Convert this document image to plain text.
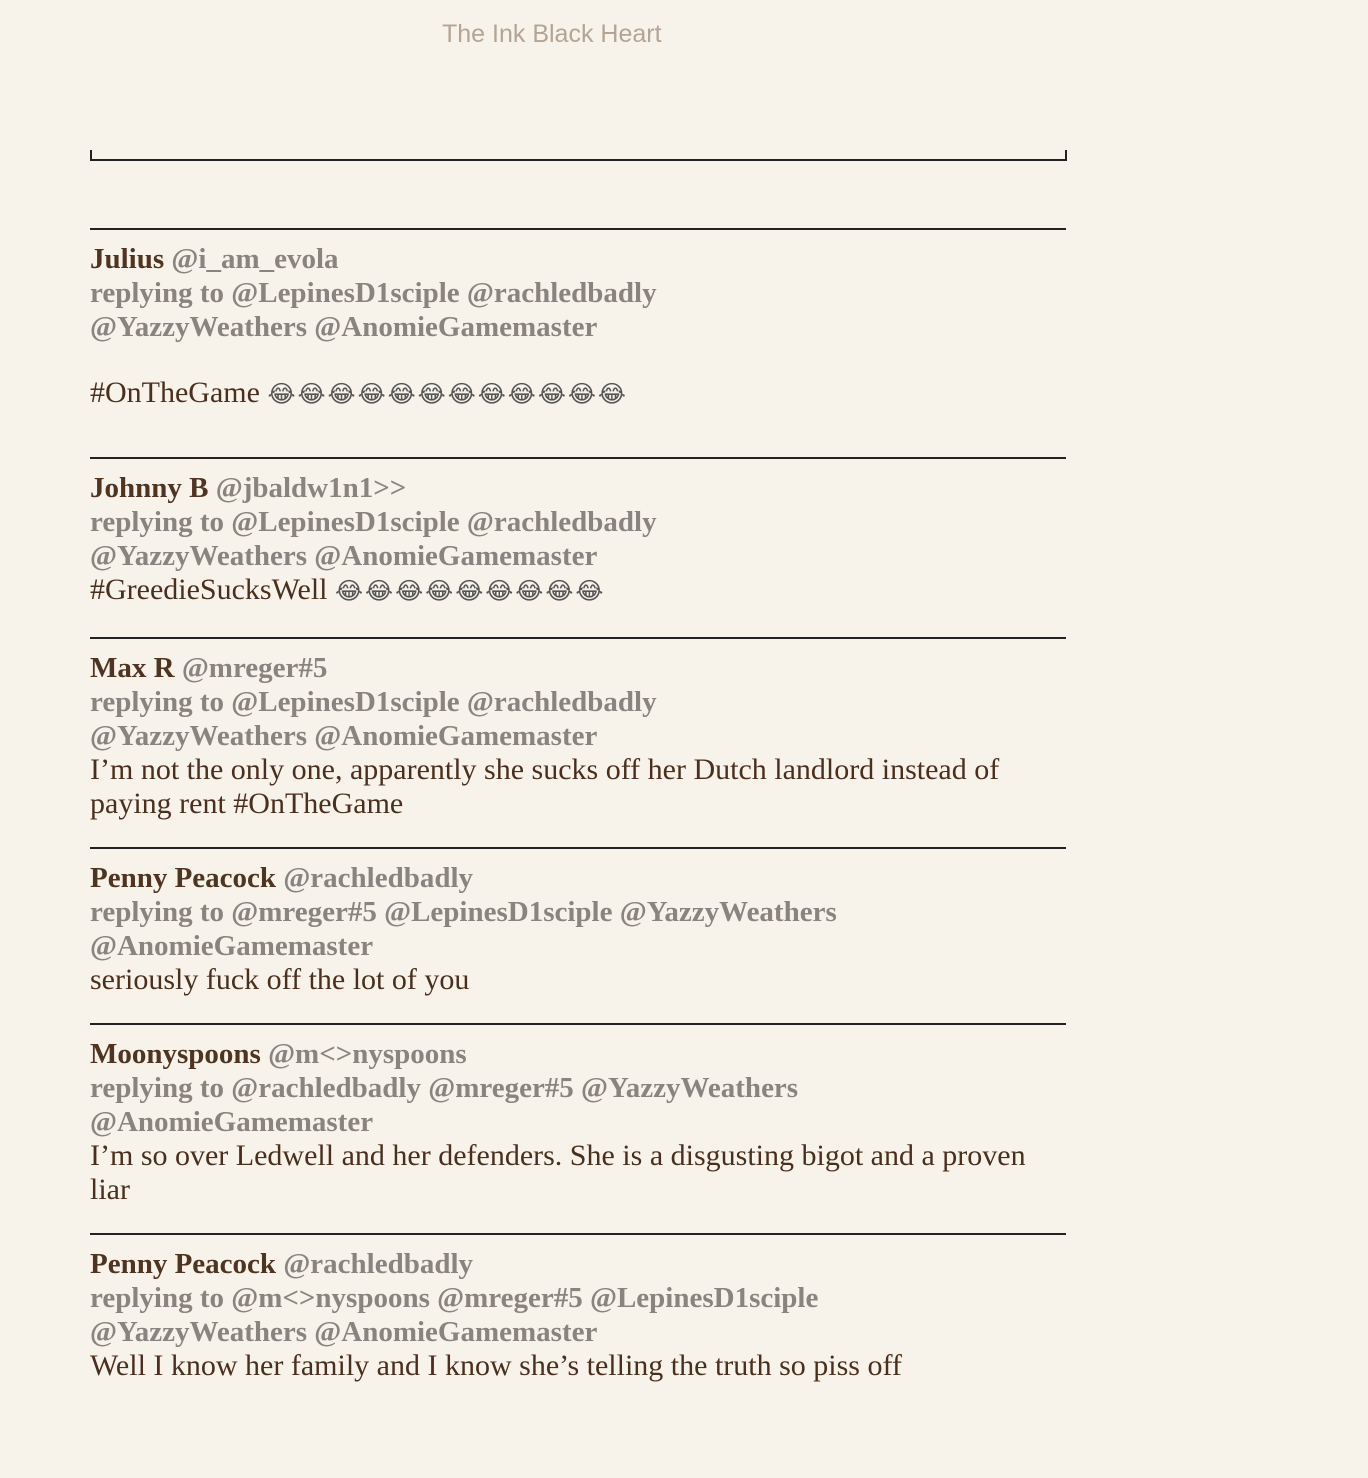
The Ink Black Heart
Julius @i_am_evola
replying to @LepinesD1sciple @rachledbadly
@YazzyWeathers @AnomieGamemaster
#OnTheGame 😂😂😂😂😂😂😂😂😂😂😂😂
Johnny B @jbaldw1n1>>
replying to @LepinesD1sciple @rachledbadly
@YazzyWeathers @AnomieGamemaster
#GreedieSucksWell 😂😂😂😂😂😂😂😂😂
Max R @mreger#5
replying to @LepinesD1sciple @rachledbadly
@YazzyWeathers @AnomieGamemaster
I’m not the only one, apparently she sucks off her Dutch landlord instead of paying rent #OnTheGame
Penny Peacock @rachledbadly
replying to @mreger#5 @LepinesD1sciple @YazzyWeathers
@AnomieGamemaster
seriously fuck off the lot of you
Moonyspoons @m<>nyspoons
replying to @rachledbadly @mreger#5 @YazzyWeathers
@AnomieGamemaster
I’m so over Ledwell and her defenders. She is a disgusting bigot and a proven liar
Penny Peacock @rachledbadly
replying to @m<>nyspoons @mreger#5 @LepinesD1sciple
@YazzyWeathers @AnomieGamemaster
Well I know her family and I know she’s telling the truth so piss off
